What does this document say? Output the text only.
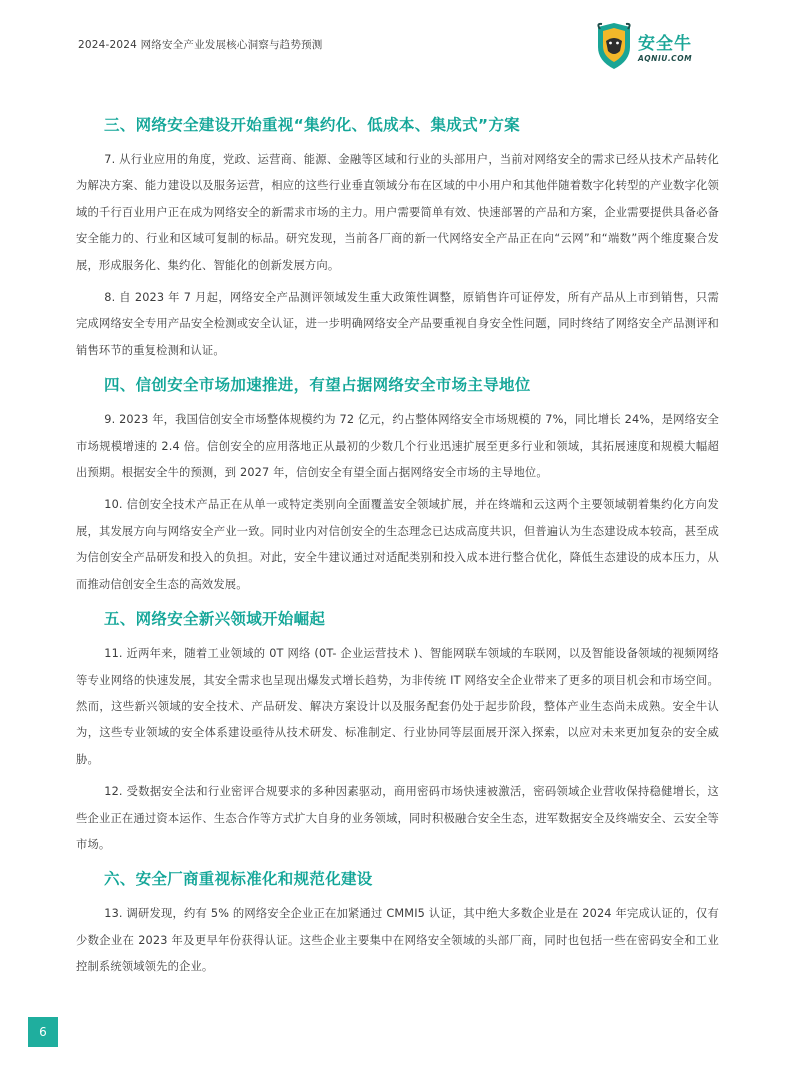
2024-2024 网络安全产业发展核心洞察与趋势预测	安全牛
AQNIU.COM
三、网络安全建设开始重视“集约化、低成本、集成式”方案

7. 从行业应用的角度，党政、运营商、能源、金融等区域和行业的头部用户，当前对网络安全的需求已经从技术产品转化为解决方案、能力建设以及服务运营，相应的这些行业垂直领域分布在区域的中小用户和其他伴随着数字化转型的产业数字化领域的千行百业用户正在成为网络安全的新需求市场的主力。用户需要简单有效、快速部署的产品和方案，企业需要提供具备必备安全能力的、行业和区域可复制的标品。研究发现，当前各厂商的新一代网络安全产品正在向“云网”和“端数”两个维度聚合发展，形成服务化、集约化、智能化的创新发展方向。

8. 自 2023 年 7 月起，网络安全产品测评领域发生重大政策性调整，原销售许可证停发，所有产品从上市到销售，只需完成网络安全专用产品安全检测或安全认证，进一步明确网络安全产品要重视自身安全性问题，同时终结了网络安全产品测评和销售环节的重复检测和认证。

四、信创安全市场加速推进，有望占据网络安全市场主导地位

9. 2023 年，我国信创安全市场整体规模约为 72 亿元，约占整体网络安全市场规模的 7%，同比增长 24%，是网络安全市场规模增速的 2.4 倍。信创安全的应用落地正从最初的少数几个行业迅速扩展至更多行业和领域，其拓展速度和规模大幅超出预期。根据安全牛的预测，到 2027 年，信创安全有望全面占据网络安全市场的主导地位。

10. 信创安全技术产品正在从单一或特定类别向全面覆盖安全领域扩展，并在终端和云这两个主要领域朝着集约化方向发展，其发展方向与网络安全产业一致。同时业内对信创安全的生态理念已达成高度共识，但普遍认为生态建设成本较高，甚至成为信创安全产品研发和投入的负担。对此，安全牛建议通过对适配类别和投入成本进行整合优化，降低生态建设的成本压力，从而推动信创安全生态的高效发展。

五、网络安全新兴领域开始崛起

11. 近两年来，随着工业领域的 0T 网络 (0T- 企业运营技术 )、智能网联车领域的车联网，以及智能设备领域的视频网络等专业网络的快速发展，其安全需求也呈现出爆发式增长趋势，为非传统 IT 网络安全企业带来了更多的项目机会和市场空间。然而，这些新兴领域的安全技术、产品研发、解决方案设计以及服务配套仍处于起步阶段，整体产业生态尚未成熟。安全牛认为，这些专业领域的安全体系建设亟待从技术研发、标准制定、行业协同等层面展开深入探索，以应对未来更加复杂的安全威胁。

12. 受数据安全法和行业密评合规要求的多种因素驱动，商用密码市场快速被激活，密码领域企业营收保持稳健增长，这些企业正在通过资本运作、生态合作等方式扩大自身的业务领域，同时积极融合安全生态，进军数据安全及终端安全、云安全等市场。

六、安全厂商重视标准化和规范化建设

13. 调研发现，约有 5% 的网络安全企业正在加紧通过 CMMI5 认证，其中绝大多数企业是在 2024 年完成认证的，仅有少数企业在 2023 年及更早年份获得认证。这些企业主要集中在网络安全领域的头部厂商，同时也包括一些在密码安全和工业控制系统领域领先的企业。

6
